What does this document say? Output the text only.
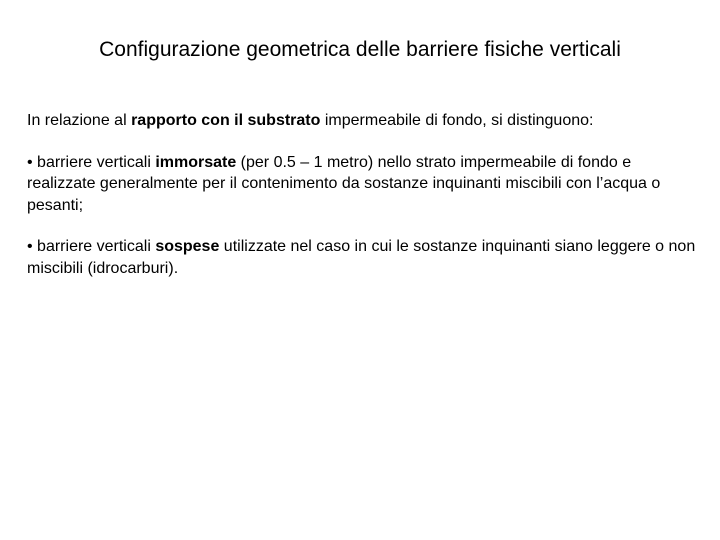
Configurazione geometrica delle barriere fisiche verticali

In relazione al rapporto con il substrato impermeabile di fondo, si distinguono:

• barriere verticali immorsate (per 0.5 – 1 metro) nello strato impermeabile di fondo e realizzate generalmente per il contenimento da sostanze inquinanti miscibili con l’acqua o pesanti;

• barriere verticali sospese utilizzate nel caso in cui le sostanze inquinanti siano leggere o non miscibili (idrocarburi).
